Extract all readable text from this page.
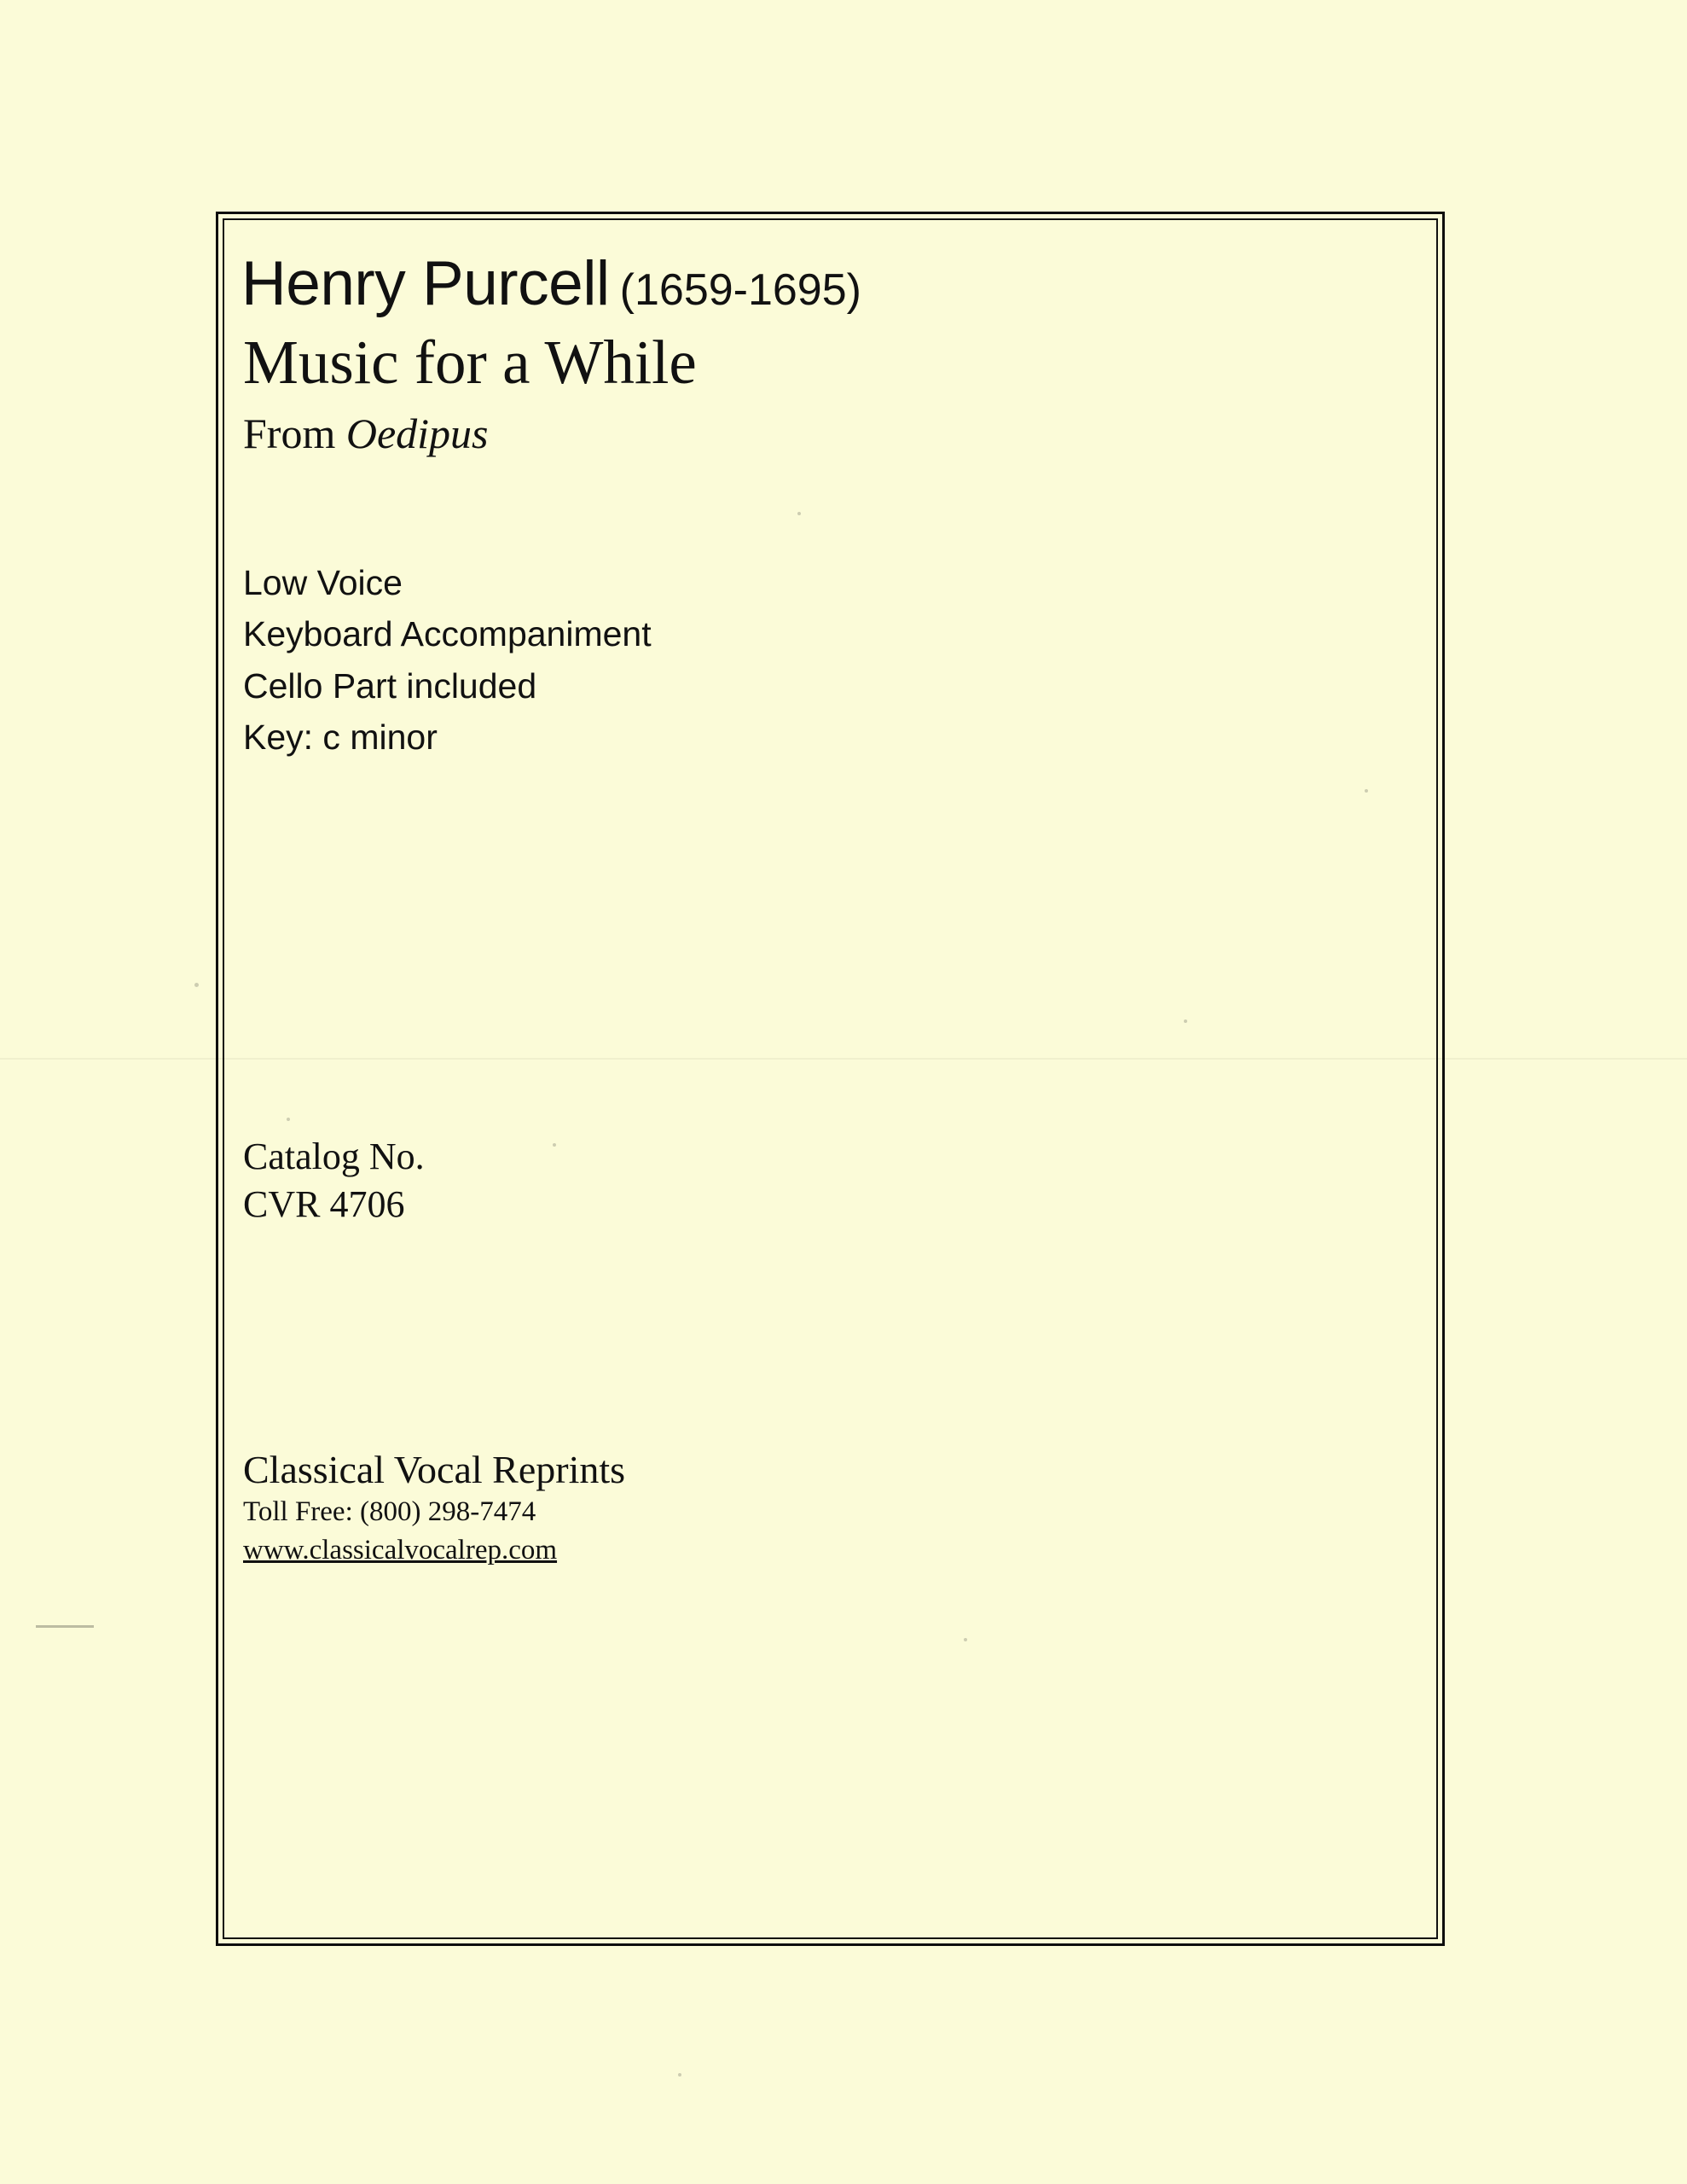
Henry Purcell (1659-1695)
Music for a While
From Oedipus
Low Voice
Keyboard Accompaniment
Cello Part included
Key: c minor
Catalog No.
CVR 4706
Classical Vocal Reprints
Toll Free: (800) 298-7474
www.classicalvocalrep.com
